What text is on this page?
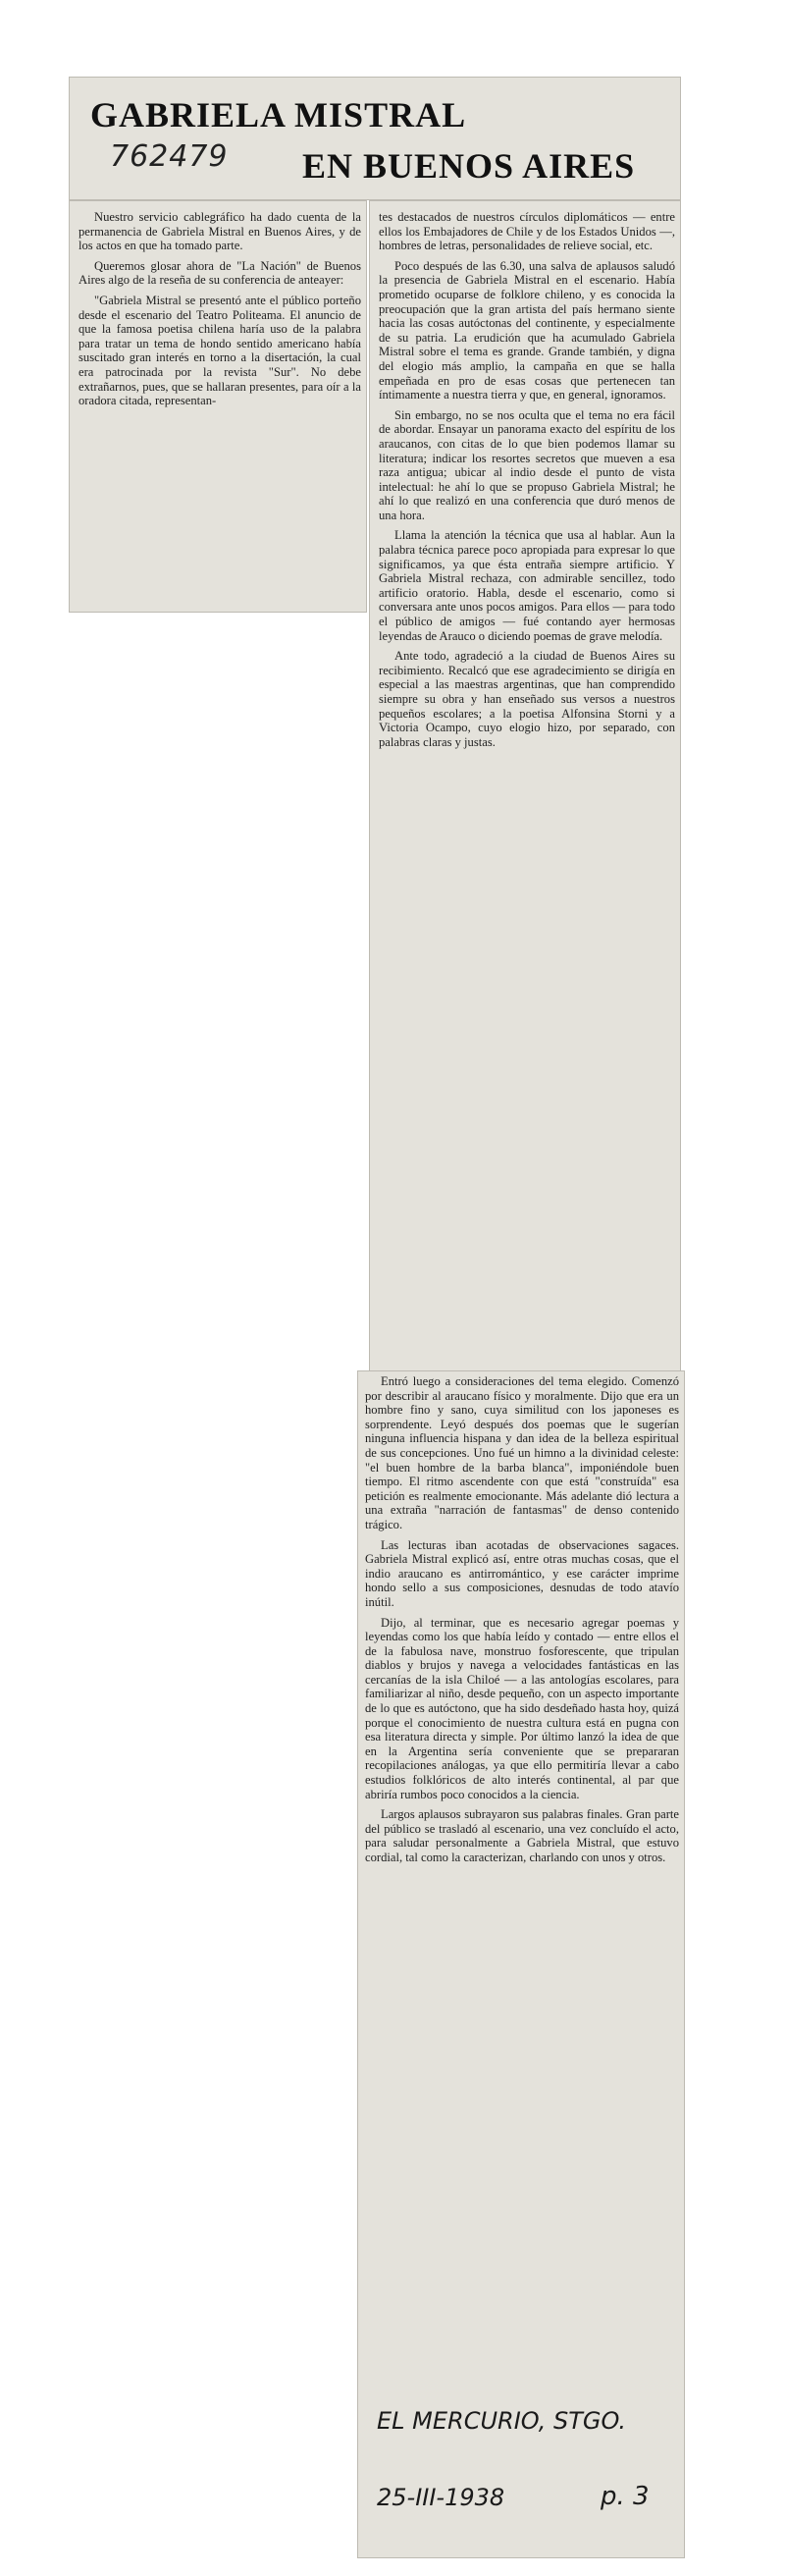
GABRIELA MISTRAL
EN BUENOS AIRES
762479

Nuestro servicio cablegráfico ha dado cuenta de la permanencia de Gabriela Mistral en Buenos Aires, y de los actos en que ha tomado parte.

Queremos glosar ahora de "La Nación" de Buenos Aires algo de la reseña de su conferencia de anteayer:

"Gabriela Mistral se presentó ante el público porteño desde el escenario del Teatro Politeama. El anuncio de que la famosa poetisa chilena haría uso de la palabra para tratar un tema de hondo sentido americano había suscitado gran interés en torno a la disertación, la cual era patrocinada por la revista "Sur". No debe extrañarnos, pues, que se hallaran presentes, para oír a la oradora citada, representan-

tes destacados de nuestros círculos diplomáticos — entre ellos los Embajadores de Chile y de los Estados Unidos —, hombres de letras, personalidades de relieve social, etc.

Poco después de las 6.30, una salva de aplausos saludó la presencia de Gabriela Mistral en el escenario. Había prometido ocuparse de folklore chileno, y es conocida la preocupación que la gran artista del país hermano siente hacia las cosas autóctonas del continente, y especialmente de su patria. La erudición que ha acumulado Gabriela Mistral sobre el tema es grande. Grande también, y digna del elogio más amplio, la campaña en que se halla empeñada en pro de esas cosas que pertenecen tan íntimamente a nuestra tierra y que, en general, ignoramos.

Sin embargo, no se nos oculta que el tema no era fácil de abordar. Ensayar un panorama exacto del espíritu de los araucanos, con citas de lo que bien podemos llamar su literatura; indicar los resortes secretos que mueven a esa raza antigua; ubicar al indio desde el punto de vista intelectual: he ahí lo que se propuso Gabriela Mistral; he ahí lo que realizó en una conferencia que duró menos de una hora.

Llama la atención la técnica que usa al hablar. Aun la palabra técnica parece poco apropiada para expresar lo que significamos, ya que ésta entraña siempre artificio. Y Gabriela Mistral rechaza, con admirable sencillez, todo artificio oratorio. Habla, desde el escenario, como si conversara ante unos pocos amigos. Para ellos — para todo el público de amigos — fué contando ayer hermosas leyendas de Arauco o diciendo poemas de grave melodía.

Ante todo, agradeció a la ciudad de Buenos Aires su recibimiento. Recalcó que ese agradecimiento se dirigía en especial a las maestras argentinas, que han comprendido siempre su obra y han enseñado sus versos a nuestros pequeños escolares; a la poetisa Alfonsina Storni y a Victoria Ocampo, cuyo elogio hizo, por separado, con palabras claras y justas.

Entró luego a consideraciones del tema elegido. Comenzó por describir al araucano físico y moralmente. Dijo que era un hombre fino y sano, cuya similitud con los japoneses es sorprendente. Leyó después dos poemas que le sugerían ninguna influencia hispana y dan idea de la belleza espiritual de sus concepciones. Uno fué un himno a la divinidad celeste: "el buen hombre de la barba blanca", imponiéndole buen tiempo. El ritmo ascendente con que está "construída" esa petición es realmente emocionante. Más adelante dió lectura a una extraña "narración de fantasmas" de denso contenido trágico.

Las lecturas iban acotadas de observaciones sagaces. Gabriela Mistral explicó así, entre otras muchas cosas, que el indio araucano es antirromántico, y ese carácter imprime hondo sello a sus composiciones, desnudas de todo atavío inútil.

Dijo, al terminar, que es necesario agregar poemas y leyendas como los que había leído y contado — entre ellos el de la fabulosa nave, monstruo fosforescente, que tripulan diablos y brujos y navega a velocidades fantásticas en las cercanías de la isla Chiloé — a las antologías escolares, para familiarizar al niño, desde pequeño, con un aspecto importante de lo que es autóctono, que ha sido desdeñado hasta hoy, quizá porque el conocimiento de nuestra cultura está en pugna con esa literatura directa y simple. Por último lanzó la idea de que en la Argentina sería conveniente que se prepararan recopilaciones análogas, ya que ello permitiría llevar a cabo estudios folklóricos de alto interés continental, al par que abriría rumbos poco conocidos a la ciencia.

Largos aplausos subrayaron sus palabras finales. Gran parte del público se trasladó al escenario, una vez concluído el acto, para saludar personalmente a Gabriela Mistral, que estuvo cordial, tal como la caracterizan, charlando con unos y otros.

EL MERCURIO, STGO.
25-III-1938	p. 3
